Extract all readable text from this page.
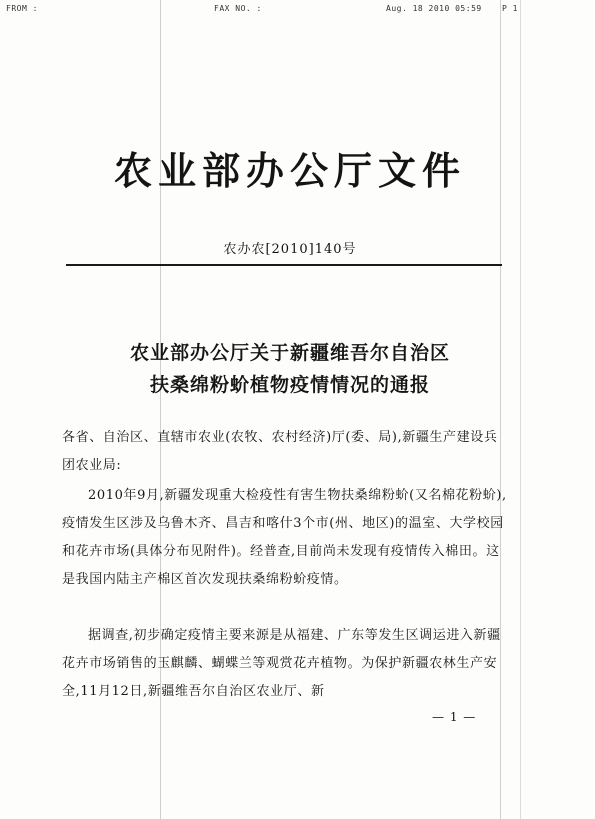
FROM :	FAX NO. :	Aug. 18 2010 05:59	P 1
农业部办公厅文件
农办农[2010]140号
农业部办公厅关于新疆维吾尔自治区
扶桑绵粉蚧植物疫情情况的通报
各省、自治区、直辖市农业(农牧、农村经济)厅(委、局),新疆生产建设兵团农业局:
2010年9月,新疆发现重大检疫性有害生物扶桑绵粉蚧(又名棉花粉蚧),疫情发生区涉及乌鲁木齐、昌吉和喀什3个市(州、地区)的温室、大学校园和花卉市场(具体分布见附件)。经普查,目前尚未发现有疫情传入棉田。这是我国内陆主产棉区首次发现扶桑绵粉蚧疫情。
据调查,初步确定疫情主要来源是从福建、广东等发生区调运进入新疆花卉市场销售的玉麒麟、蝴蝶兰等观赏花卉植物。为保护新疆农林生产安全,11月12日,新疆维吾尔自治区农业厅、新
— 1 —
